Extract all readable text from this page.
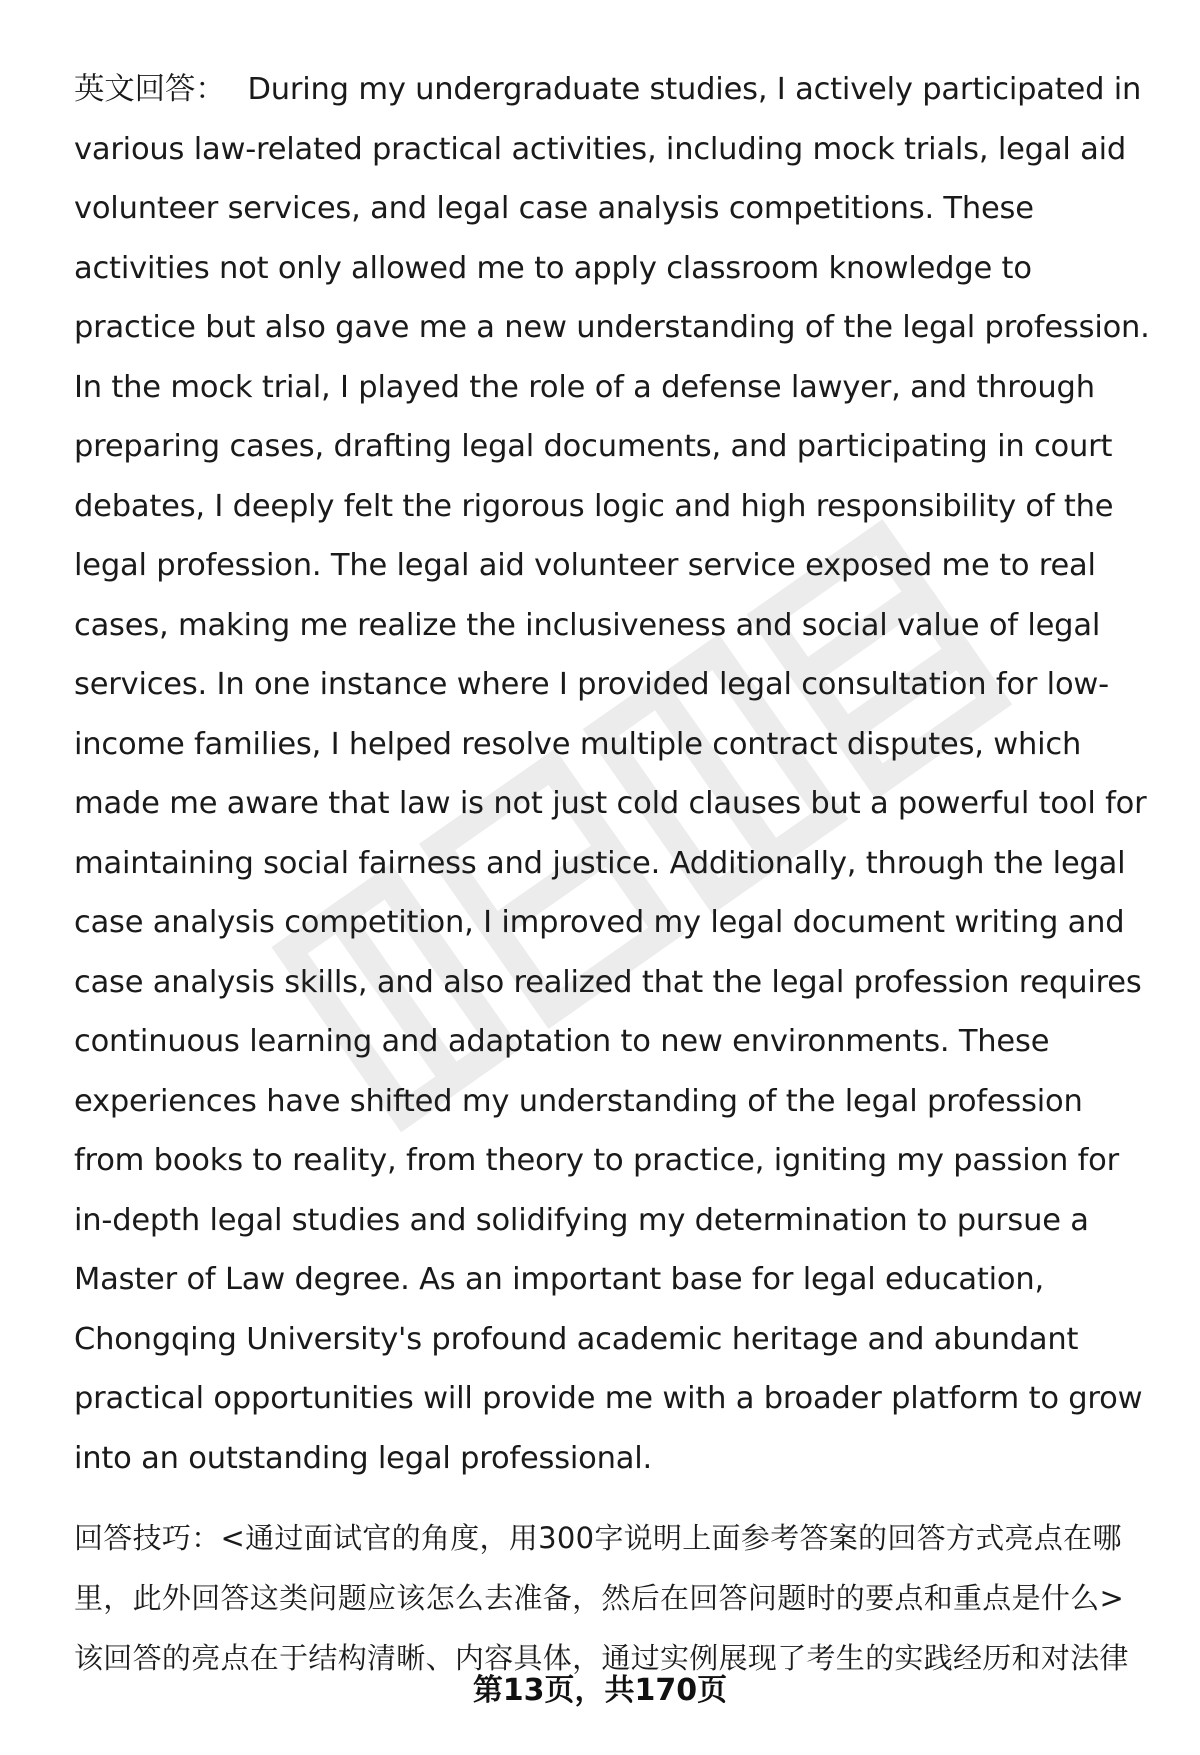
英文回答： During my undergraduate studies, I actively participated in various law-related practical activities, including mock trials, legal aid volunteer services, and legal case analysis competitions. These activities not only allowed me to apply classroom knowledge to practice but also gave me a new understanding of the legal profession. In the mock trial, I played the role of a defense lawyer, and through preparing cases, drafting legal documents, and participating in court debates, I deeply felt the rigorous logic and high responsibility of the legal profession. The legal aid volunteer service exposed me to real cases, making me realize the inclusiveness and social value of legal services. In one instance where I provided legal consultation for low-income families, I helped resolve multiple contract disputes, which made me aware that law is not just cold clauses but a powerful tool for maintaining social fairness and justice. Additionally, through the legal case analysis competition, I improved my legal document writing and case analysis skills, and also realized that the legal profession requires continuous learning and adaptation to new environments. These experiences have shifted my understanding of the legal profession from books to reality, from theory to practice, igniting my passion for in-depth legal studies and solidifying my determination to pursue a Master of Law degree. As an important base for legal education, Chongqing University's profound academic heritage and abundant practical opportunities will provide me with a broader platform to grow into an outstanding legal professional.

回答技巧：<通过面试官的角度，用300字说明上面参考答案的回答方式亮点在哪里，此外回答这类问题应该怎么去准备，然后在回答问题时的要点和重点是什么>

该回答的亮点在于结构清晰、内容具体，通过实例展现了考生的实践经历和对法律

第13页，共170页
